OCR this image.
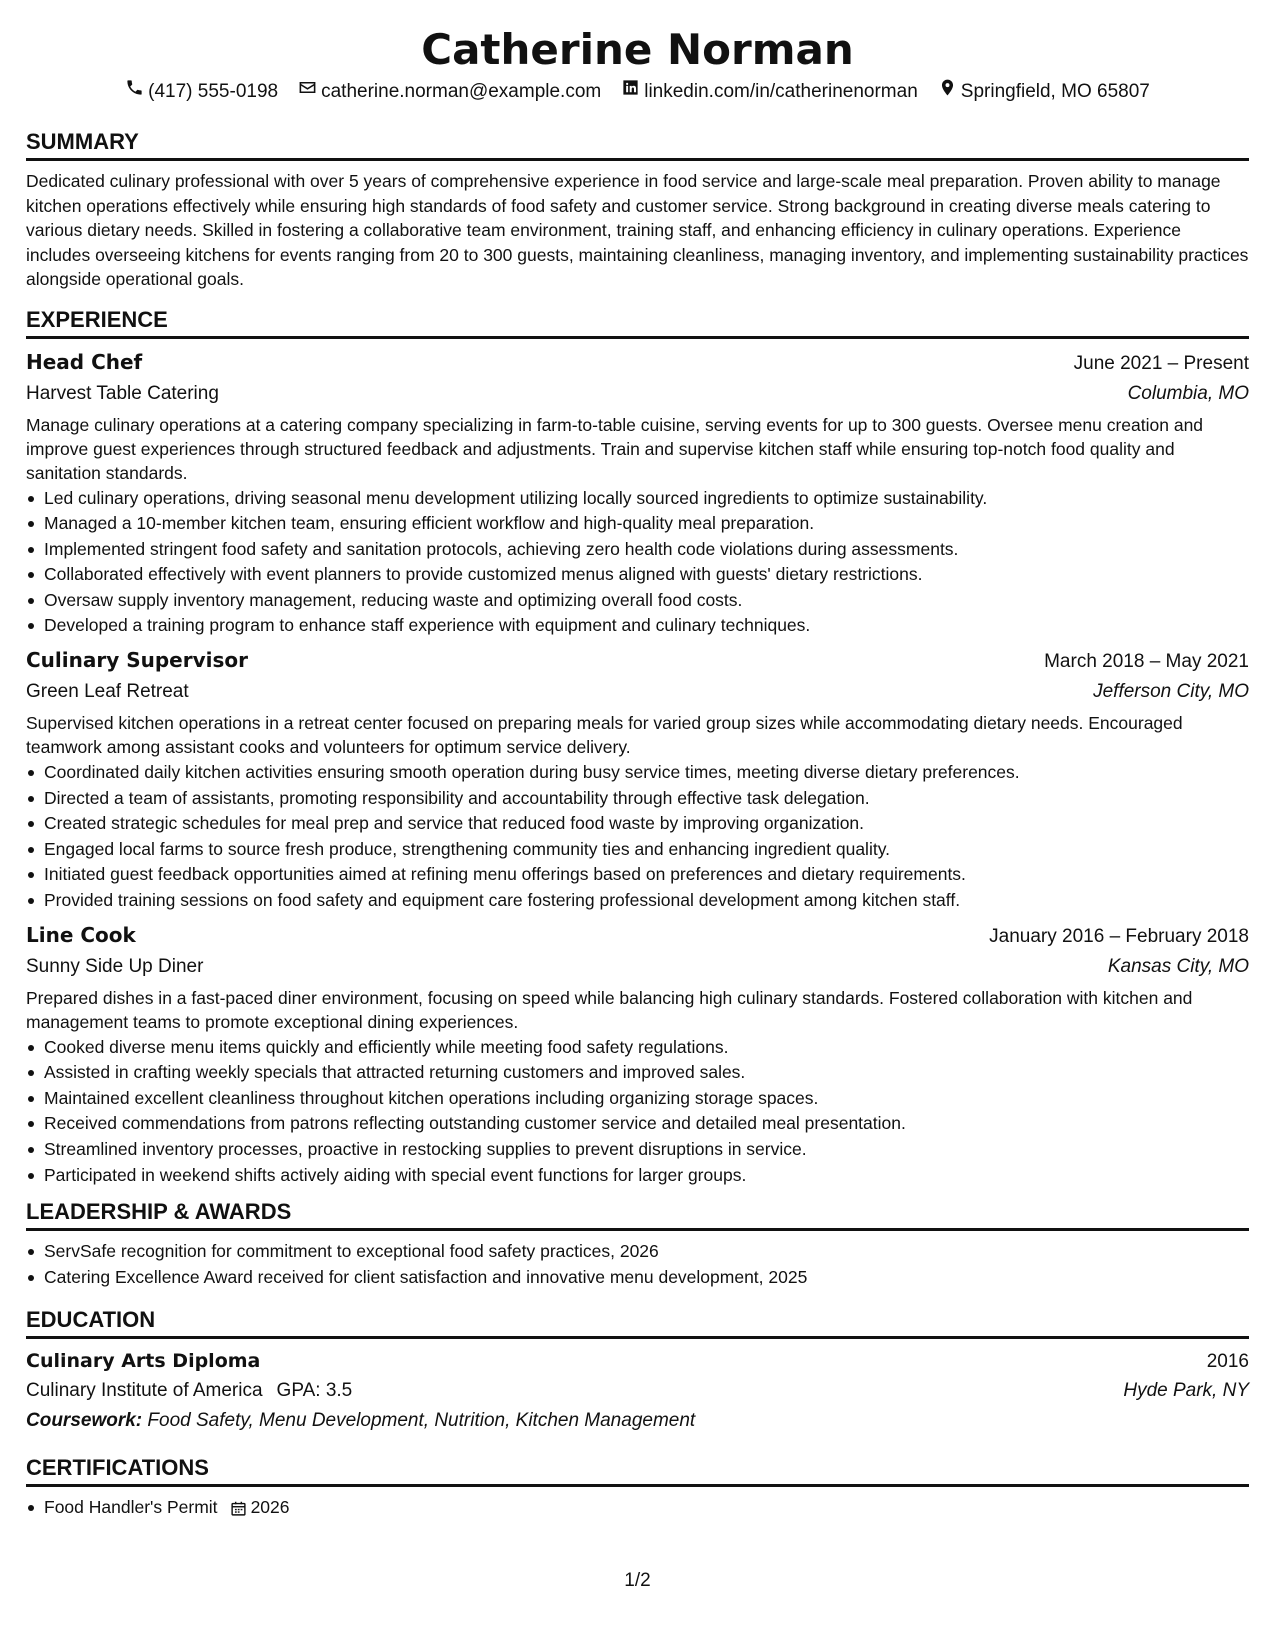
Catherine Norman
(417) 555-0198 catherine.norman@example.com linkedin.com/in/catherinenorman Springfield, MO 65807
SUMMARY
Dedicated culinary professional with over 5 years of comprehensive experience in food service and large-scale meal preparation. Proven ability to manage kitchen operations effectively while ensuring high standards of food safety and customer service. Strong background in creating diverse meals catering to various dietary needs. Skilled in fostering a collaborative team environment, training staff, and enhancing efficiency in culinary operations. Experience includes overseeing kitchens for events ranging from 20 to 300 guests, maintaining cleanliness, managing inventory, and implementing sustainability practices alongside operational goals.
EXPERIENCE
Head Chef	June 2021 – Present
Harvest Table Catering	Columbia, MO
Manage culinary operations at a catering company specializing in farm-to-table cuisine, serving events for up to 300 guests. Oversee menu creation and improve guest experiences through structured feedback and adjustments. Train and supervise kitchen staff while ensuring top-notch food quality and sanitation standards.
Led culinary operations, driving seasonal menu development utilizing locally sourced ingredients to optimize sustainability.
Managed a 10-member kitchen team, ensuring efficient workflow and high-quality meal preparation.
Implemented stringent food safety and sanitation protocols, achieving zero health code violations during assessments.
Collaborated effectively with event planners to provide customized menus aligned with guests' dietary restrictions.
Oversaw supply inventory management, reducing waste and optimizing overall food costs.
Developed a training program to enhance staff experience with equipment and culinary techniques.
Culinary Supervisor	March 2018 – May 2021
Green Leaf Retreat	Jefferson City, MO
Supervised kitchen operations in a retreat center focused on preparing meals for varied group sizes while accommodating dietary needs. Encouraged teamwork among assistant cooks and volunteers for optimum service delivery.
Coordinated daily kitchen activities ensuring smooth operation during busy service times, meeting diverse dietary preferences.
Directed a team of assistants, promoting responsibility and accountability through effective task delegation.
Created strategic schedules for meal prep and service that reduced food waste by improving organization.
Engaged local farms to source fresh produce, strengthening community ties and enhancing ingredient quality.
Initiated guest feedback opportunities aimed at refining menu offerings based on preferences and dietary requirements.
Provided training sessions on food safety and equipment care fostering professional development among kitchen staff.
Line Cook	January 2016 – February 2018
Sunny Side Up Diner	Kansas City, MO
Prepared dishes in a fast-paced diner environment, focusing on speed while balancing high culinary standards. Fostered collaboration with kitchen and management teams to promote exceptional dining experiences.
Cooked diverse menu items quickly and efficiently while meeting food safety regulations.
Assisted in crafting weekly specials that attracted returning customers and improved sales.
Maintained excellent cleanliness throughout kitchen operations including organizing storage spaces.
Received commendations from patrons reflecting outstanding customer service and detailed meal presentation.
Streamlined inventory processes, proactive in restocking supplies to prevent disruptions in service.
Participated in weekend shifts actively aiding with special event functions for larger groups.
LEADERSHIP & AWARDS
ServSafe recognition for commitment to exceptional food safety practices, 2026
Catering Excellence Award received for client satisfaction and innovative menu development, 2025
EDUCATION
Culinary Arts Diploma	2016
Culinary Institute of America GPA: 3.5	Hyde Park, NY
Coursework: Food Safety, Menu Development, Nutrition, Kitchen Management
CERTIFICATIONS
Food Handler's Permit 2026
1/2
